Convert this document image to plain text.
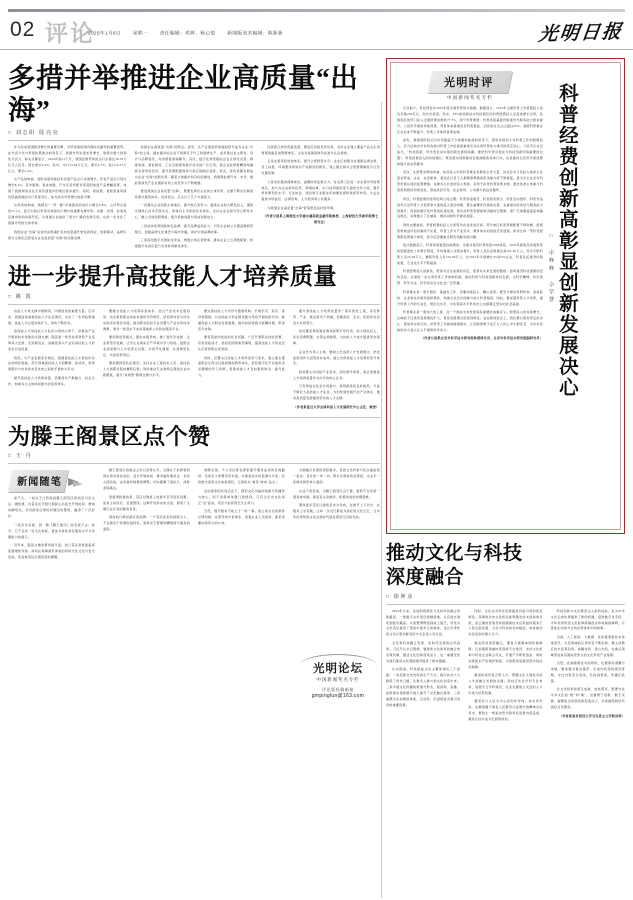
02 评论
2025年1月6日	星期一	责任编辑：邓晖、杨心悦	新闻版美术编辑：陈新新	光明日报
多措并举推进企业高质量“出海”
□ 刘志阳 陆亮亮

作为拉动我国经济增长的重要引擎，外贸是联结国内国际双循环的重要纽带。在外需分化与贸易政策波动的背景下，我国外贸实现逆势增长，展现出强大的韧性与活力。海关总署显示，2024年前11个月，我国货物贸易进出口总值达39.79万亿元人民币，同比增长4.9%。其中，出口23.04万亿元，增长6.7%；进口16.75万亿元，增长2.4%。

从产品结构看，高附加值和高技术含量产品出口快速增长。机电产品出口同比增长8.4%，其中船舶、集成电路、汽车及其零配件等高附加值产品增幅显著，体现了我国制造业在全球价值链中的地位稳步提升。同时，新能源、智能装备等绿色低碳领域的出口表现突出，成为拉动外贸增长的新引擎。

从市场结构看，我国对“一带一路”共建国家的进出口增长6.8%，占外贸总值的51.1%，显示出新兴市场对我国出口增长的重要支撑作用。东盟、非洲、拉美等区域市场的持续开拓，为我国企业提供了更为广阔的发展空间，也进一步优化了我国外贸的全球布局。

我国企业“出海”呈现出由规模扩张向质量提升转变的特征，创新驱动、品牌引领与全球化运营成为企业高质量“出海”的关键支撑。

我国企业高质量“出海”的特点。首先，从产业链到价值链的跃升成为企业“出海”的主线。越来越多的企业不再满足于代工和贴牌生产，而是通过自主研发、设计与品牌建设，向价值链高端攀升。其次，数字化转型赋能企业全球化运营。跨境电商、智能制造、工业互联网等数字技术的广泛应用，使企业能够更精准地捕捉全球市场需求，提升资源配置效率与供应链响应速度。再次，绿色低碳发展成为企业“出海”的新优势。随着全球碳中和目标的推进，我国新能源汽车、光伏、储能等绿色产业在国际市场上的竞争力不断增强。

推进我国企业高质量“出海”，既要发挥好企业的主体作用，也要不断优化制度环境与服务体系。具体而言，应从以下几个方面着力。

一是强化企业创新主体地位，提升核心竞争力。鼓励企业加大研发投入，围绕关键核心技术开展攻关，构建自主可控的技术体系。支持企业在海外设立研发中心，融入全球创新网络，提升原始创新与集成创新能力。

二是加快培育国际知名品牌，提升品牌溢价能力。引导企业树立长期品牌经营理念，加强品牌文化建设与海外传播，讲好中国品牌故事。

三是深化数字化智能化改造，增强全球运营效率。推动企业上云用数赋智，构建数字化供应链与全球协同制造体系。

四是践行绿色低碳发展，塑造可持续竞争优势。支持企业建立覆盖产品全生命周期的碳足迹管理体系，主动对接国际绿色标准与认证规则。

五是完善风险防控体系，提升合规经营水平。企业应加强对东道国法律法规、劳工标准、环境要求和知识产权制度的研究，建立健全海外合规管理制度与应急处置机制。

六是优化服务保障体系，凝聚协同发展合力。有关部门应进一步完善外贸政策体系，加大对企业海外投资、跨境结算、出口信用保险等方面的支持力度，提升贸易便利化水平。行业协会、商会和专业服务机构要发挥桥梁纽带作用，为企业提供市场信息、法律咨询、人才培训等公共服务。

为我国企业高质量“出海”营造更加良好的环境。

（作者分别系上海财经大学滴水湖高级金融学院教授、上海财经大学商学院博士研究生）

进一步提升高技能人才培养质量
□ 姚 凯

技能人才是支撑中国制造、中国创造的重要力量。近年来，我国高度重视技能人才队伍建设，出台了一系列政策措施，技能人才总量持续扩大，结构不断优化。

高技能人才是技能人才队伍中的核心骨干，是推动产业升级和技术创新的关键支撑。随着新一轮科技革命和产业变革深入发展，先进制造业、战略性新兴产业对高技能人才的需求日益旺盛。

然而，与产业发展需求相比，我国高技能人才供给仍存在结构性短缺。部分领域高技能人才招聘难、流动快，培养周期长与市场需求变化快之间的矛盾较为突出。

提升高技能人才培养质量，需要深化产教融合、校企合作，构建多元主体协同参与的培养体系。

要健全技能人才培养标准体系。结合产业技术发展趋势，动态更新职业技能标准和评价规范，使培养内容与岗位实际需求紧密对接。推动职业院校专业设置与产业布局同步调整，建设一批高水平实训基地和公共技能服务平台。

要创新培养模式，强化实践导向。推广现代学徒制、企业新型学徒制，让学生在真实生产环境中学习技能。鼓励企业深度参与人才培养全过程，共同开发课程、共建师资队伍、共担培养责任。

要加强师资队伍建设。支持企业工程技术人员、高技能人才到职业院校兼职任教，同时推动专业教师定期到企业实践锻炼，提升“双师型”教师比例与水平。

要完善技能人才评价与激励机制。打破学历、资历、身份等限制，以实际能力和业绩贡献为导向开展技能评价。畅通技能人才职业发展通道，推动技能等级与薪酬待遇、职务晋升挂钩。

要营造崇尚技能的社会氛围。广泛开展职业技能竞赛，宣传技能成才、技能报国的典型事例，提高技能人才的社会认可度和职业荣誉感。

同时，还要关注技能人才的终身学习需求。建立健全覆盖职业生涯全过程的继续教育体系，依托数字化平台提供灵活便捷的学习资源，帮助技能人才及时更新知识、提升能力。

提升高技能人才培养质量是一项系统性工程，涉及教育、产业、就业等多个领域，需要政府、企业、院校和社会各方共同努力。

政府要发挥统筹协调和政策引导作用，加大财政投入，优化资源配置，完善法规制度，为技能人才成长提供坚实保障。

企业作为用人主体，要树立长远的人才发展理念，把技能培训作为投资而非成本，建立内部技能人才培养和晋升体系。

院校要主动对接产业需求，深化教学改革，真正把提高人才培养质量作为办学的核心任务。

只有形成全社会共同参与、协同推进的良好格局，才能不断壮大高技能人才队伍，为加快建设现代化产业体系、推动高质量发展提供坚实的人才支撑。

（作者系复旦大学全球科创人才发展研究中心主任、教授）

为滕王阁景区点个赞
□ 王 丹
新闻随笔

前不久，一则关于江西南昌滕王阁景区的消息引发关注。据报道，该景区在节假日期间主动延长开放时间、增加讲解场次，并对游客反馈的问题及时整改，赢得了广泛好评。

一座历史名楼，因一篇《滕王阁序》而名扬千古。如今，它不仅是一处文化地标，更成为检验景区服务水平与治理能力的窗口。

近年来，随着文旅消费持续升温，热门景区常常面临客流激增的考验。如何在保障游览体验的同时守住文化与安全底线，是各地景区必须回答的课题。

滕王阁景区的做法之所以获得认可，关键在于把游客的真实需求放在首位。延长开放时间、增设临时服务点、优化入园动线，这些看似细微的调整，切实缓解了排队久、体验差等痛点。

更值得称道的是，景区对网络上的批评意见没有回避，而是主动回应、迅速整改。这种开放务实的态度，展现了文旅行业应有的服务自觉。

游客的口碑是最好的招牌。一个景区能否持续吸引人，不仅取决于资源的独特性，更取决于管理的精细度与服务的温度。

放眼全国，不少景区都在探索提升服务品质的有效路径。有的引入智慧导览系统，实现客流实时监测与分流；有的推出深度文化体验项目，让游客从“看景”转向“品文”。

这些探索的共同点在于，都把文化内涵的挖掘与传播作为核心，而不是简单依靠门票经济。只有让历史文化真正“活”起来，景区才能获得长久生命力。

当然，提升服务不能止于一时一事。建立常态化的游客反馈机制、完善考核评价体系、加强从业人员培训，都是需要持续用力的方向。

文旅融合发展的深层要求，是把文化传承与民生福祉统一起来。景区的一举一动，既关乎游客的获得感，也关乎一座城市的形象与温度。

从这个角度看，为滕王阁景区点个赞，赞的不仅是某一项具体举措，更是其主动倾听、积极改进的治理思维。

期待更多景区以游客需求为导向，在细节上下功夫、在服务上求突破，让每一次出行都成为美好的文化记忆，让中华优秀传统文化在新时代焕发更加夺目的光彩。

□ 申峥峥 佘学慧 科普经费创新高彰显创新发展决心
光明时评
中国新闻奖名专栏

元旦前夕，科技部发布2023年度全国科普统计数据。数据显示，2023年全国科普工作经费投入首次突破200亿元，创历史新高。其中，43%的高新技术科技园区的科普经费投入呈高速增长态势，各级政府的部门投入全国经费来源的77.7%，同个科普渠道、科普场馆基础设施建设与服务能力稳步提升，公民科学素质持续改善，科普体验基建设及科普展品、活动的支出占比超过65%。我国科普事业正在迎来不断提升、科普工作取得显著成效。

首先，我国现阶段运行仍然面临不少困难和挑战的背景下，国家持续加大对科普工作的经费投入，充分反映出中央和各地对科普工作的高度重视及对完善科普能力建设的坚定决心。习近平总书记指出，“科技创新、科学普及是实现创新发展的两翼，要把科学普及放在与科技创新同等重要的位置”。科普经费投入的持续增长，既是落实创新驱动发展战略的具体行动，也是推动全民科学素质整体提升的必然要求。

其次，从经费来源结构看，政府投入仍是科普事业发展的主导力量，但社会多元化投入格局正在逐步形成。企业、社会团体、基金会以及个人捐赠等渠道的资金参与度不断提高，显示出全社会对科普价值认同的显著增强。这种多元共治的投入机制，有利于拓宽科普资源来源，激发各类主体参与科普的积极性和创造性，形成政府引导、社会协同、公众参与的良性循环。

再次，科普经费的使用结构日趋合理。科普场馆建设、科普展览展示、科普活动组织、科普作品创作以及科普人才培养等方面的投入更加均衡，既注重硬件设施的完善，也重视内容供给与服务能力的提升。特别是数字化科普的快速发展，使优质科普资源能够突破时空限制，更广泛地覆盖基层和偏远地区，有效缩小了区域间、城乡间的科学素质差距。

同时也要看到，科普经费的投入与使用仍存在改进空间。部分地区科普资源配置不够均衡，经费使用效益评估机制尚不完善，科普工作与产业需求、教育体系的衔接还需加强。如何让每一笔科普经费都发挥最大效用，是今后需要重点研究和解决的问题。

统计数据显示，科普场馆数量持续增加，全国共建有科普场馆2000余座，2023年新建及改建科普场馆数量较上年增长明显，年均参观人次稳步提升。科普人员队伍规模达到181.65万人，其中专职科普人员24.69万人，兼职科普人员156.96万人，比2023年分别增长2%和3%左右，科普队伍建设持续加强，专业化水平不断提高。

科普经费投入创新高，既是对过往成绩的肯定，更是对未来发展的激励。面向建设科技强国的宏伟目标，必须进一步完善科普工作体制机制，推动科普与科技创新协同发展，让科学精神、科学思想、科学方法、科学知识在全社会广泛传播。

科普事业是一项长期性、基础性工作，需要持续投入、精心培育。要充分调动科研机构、高等院校、企业和社会组织的积极性，构建全社会共同参与的大科普格局。同时，要加强科普人才培养，提升科普工作的专业化、规范化水平，为实现高水平科技自立自强奠定坚实的社会基础。

科普事业是一项伟大的工程，对一个国家未来发展具有重要的战略意义。经费投入的持续增长，反映的不仅是资金规模的扩大，更是发展理念的深刻转变。站在新的起点上，我们要以更加坚定的决心、更加务实的行动，把科普工作做深做细做实，让创新的种子在亿万人民心中生根发芽，为中华民族的伟大复兴注入不竭的科学动力。

（作者分别系北京市科学技术研究院助理研究员、北京市科学技术研究院副研究员）

推动文化与科技
深度融合
□ 徐坤彦

2024年以来，各地积极探索文化和科技融合的新路径，一批数字文化项目相继落地。从沉浸式展览到数字藏品，从智慧博物馆到线上演艺，科技为文化表达提供了更加丰富多元的载体，也让优秀传统文化以更加鲜活的方式走进大众生活。

文化和科技融合发展，是时代发展的必然趋势。习近平总书记强调，要探索文化和科技融合的有效机制，激活文化创新创造活力。这一重要论述为我们推动文化强国建设提供了根本遵循。

从实践看，科技赋能文化主要体现在三个层面：一是拓展文化内容的生产方式，数字技术大大降低了创作门槛，让更多人参与到文化创造中来；二是丰富文化传播的渠道与形态，短视频、直播、虚拟现实等新媒介极大提升了文化触达效率；三是重塑文化消费的体验，互动性、沉浸感成为吸引受众的重要因素。

同时，文化也为科技发展提供价值引领和创意源泉。深厚的历史文化积淀能够激发技术创新的灵感，而正确的价值导向则确保技术应用始终服务于人的全面发展。文化与科技的双向赋能，构成推动社会进步的强大合力。

推动两者深度融合，要着力破解体制机制障碍。应加强跨领域协同创新平台建设，支持文化机构与科技企业联合攻关，打通产学研用链条。同时完善知识产权保护制度，为创新创造提供坚实的法治保障。

要加快培育复合型人才。既懂文化又通技术的人才是融合发展的关键。高校应优化学科专业布局，加强交叉学科建设，企业也要建立灵活的人才引进与培养机制。

要坚持以人民为中心的创作导向。技术再先进，也要落脚于满足人民群众日益增长的精神文化需求。要防止一味追求形式新奇而忽视内容品质，避免让技术成为空洞的炫技。

科技创新为文化繁荣注入新的动能，也为中华文化走向世界提供了新的机遇。借助数字化手段，中华优秀传统文化能够跨越语言和地域的障碍，以更加生动的方式向世界讲述中国故事。

当前，人工智能、大数据、区块链等新技术快速迭代，文化领域的应用场景不断拓展。要主动顺应技术变革趋势，前瞻布局、抢占先机，在重点领域形成具有国际竞争力的文化科技产业集群。

当然，在拥抱新技术的同时，也要保持清醒与审慎。要加强对算法推荐、生成内容等的规范管理，守住内容安全底线，弘扬真善美，传播正能量。

让文化和科技相互成就、彼此照亮，既要守住中华文化的“根”和“魂”，也要勇于创新、敢于突破，凝聚起全民族创新创造活力，共同描绘新时代美好文化图景。

（作者系南京财经大学马克思主义学院讲师）

光明论坛
中国新闻奖名专栏
评论版投稿邮箱
gmpinglun@163.com
